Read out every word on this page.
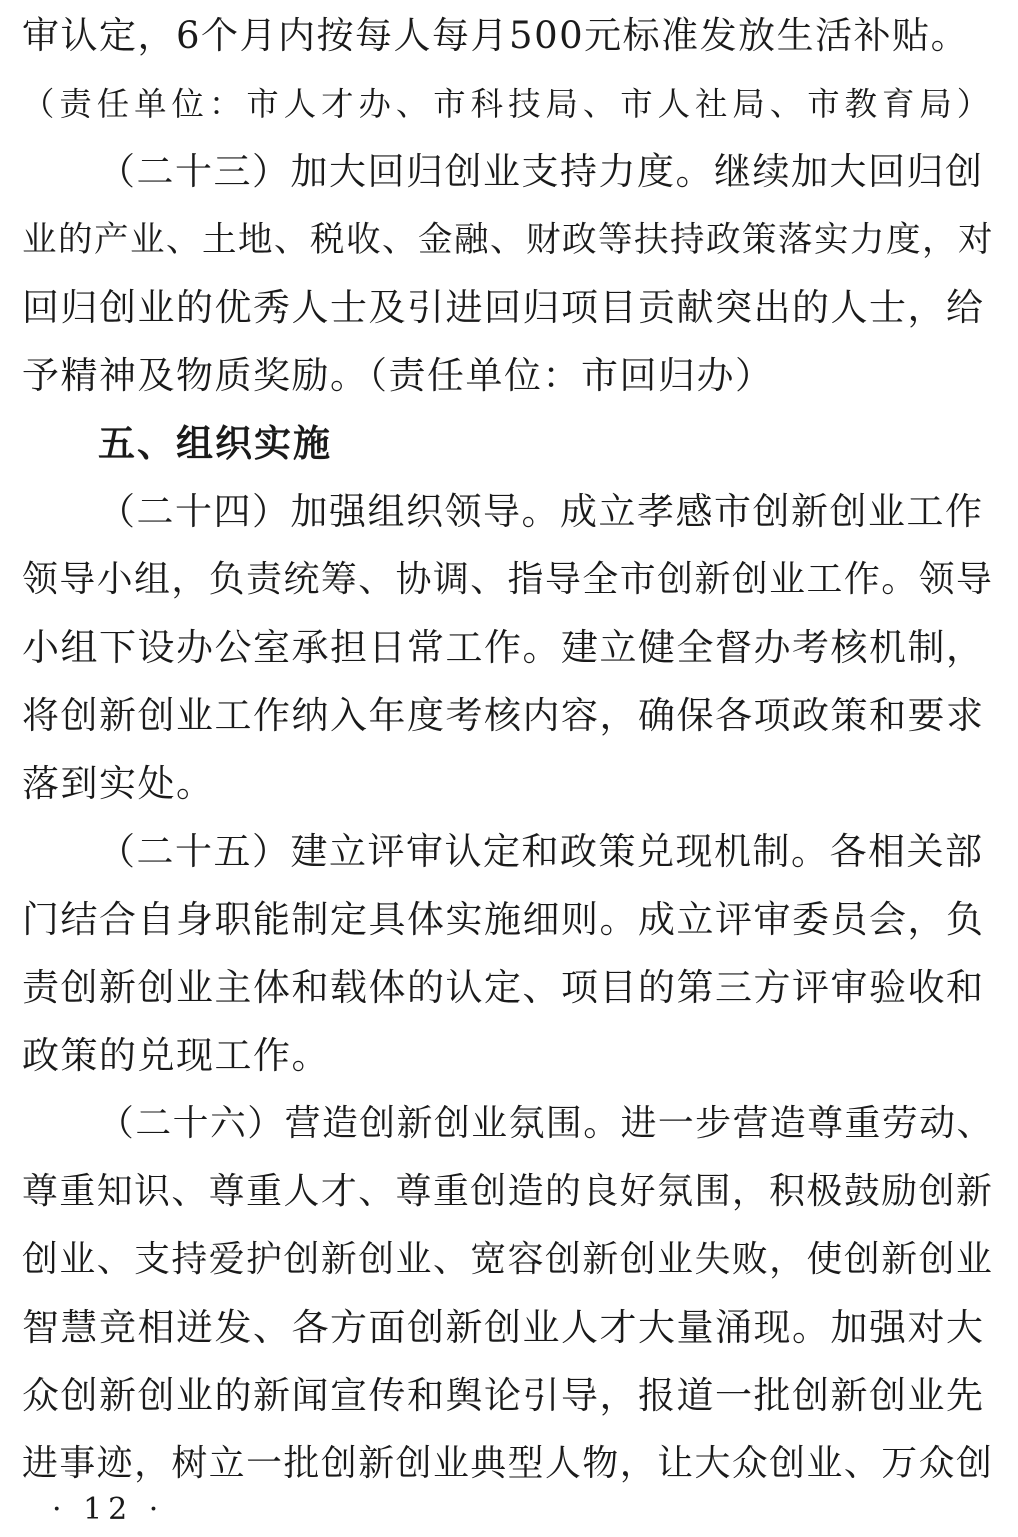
审认定，6个月内按每人每月500元标准发放生活补贴。
（责任单位：市人才办、市科技局、市人社局、市教育局）
（二十三）加大回归创业支持力度。继续加大回归创
业的产业、土地、税收、金融、财政等扶持政策落实力度，对
回归创业的优秀人士及引进回归项目贡献突出的人士，给
予精神及物质奖励。（责任单位：市回归办）
五、组织实施
（二十四）加强组织领导。成立孝感市创新创业工作
领导小组，负责统筹、协调、指导全市创新创业工作。领导
小组下设办公室承担日常工作。建立健全督办考核机制，
将创新创业工作纳入年度考核内容，确保各项政策和要求
落到实处。
（二十五）建立评审认定和政策兑现机制。各相关部
门结合自身职能制定具体实施细则。成立评审委员会，负
责创新创业主体和载体的认定、项目的第三方评审验收和
政策的兑现工作。
（二十六）营造创新创业氛围。进一步营造尊重劳动、
尊重知识、尊重人才、尊重创造的良好氛围，积极鼓励创新
创业、支持爱护创新创业、宽容创新创业失败，使创新创业
智慧竞相迸发、各方面创新创业人才大量涌现。加强对大
众创新创业的新闻宣传和舆论引导，报道一批创新创业先
进事迹，树立一批创新创业典型人物，让大众创业、万众创
· 12 ·
